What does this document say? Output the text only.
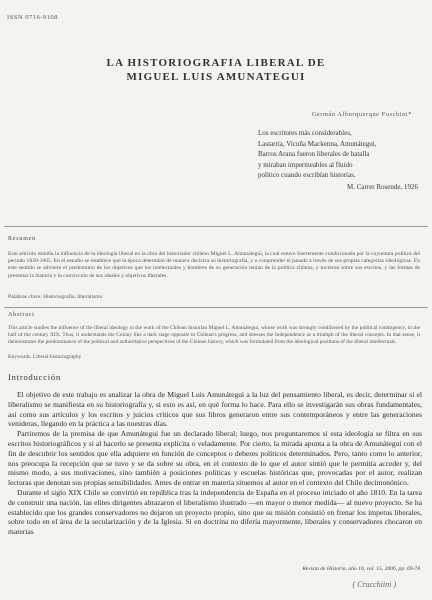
ISSN 0716-9108
LA HISTORIOGRAFIA LIBERAL DE
MIGUEL LUIS AMUNATEGUI
Germán Alburquerque Fuschini*
Los escritores más considerables,
Lastarria, Vicuña Mackenna, Amunátegui,
Barros Arana fueron liberales de batalla
y miraban impermeables al fluido
político cuando escribían historias.
M. Carrer Rosende, 1926
Resumen
Este artículo estudia la influencia de la ideología liberal en la obra del historiador chileno Miguel L. Amunátegui, la cual estuvo fuertemente condicionada por la coyuntura política del periodo 1830-1865. En el estudio se establece que la época determinó de manera decisiva su historiografía, y a comprender el pasado a través de sus propias categorías ideológicas. En este sentido se advierte el predominio de los objetivos que los intelectuales y hombres de su generación tenían de la política chilena, y tuvieron sobre sus escritos, y las formas de presentar la historia y la convicción de sus ideales y objetivos liberales.
Palabras clave: Historiografía, liberalismo
Abstract
Introducción

El objetivo de este trabajo es analizar la obra de Miguel Luis Amunátegui a la luz del pensamiento liberal, es decir, determinar si el liberalismo se manifiesta en su historiografía y, si esto es así, en qué forma lo hace. Para ello se investigarán sus obras fundamentales, así como sus artículos y los escritos y juicios críticos que sus libros generaron entre sus contemporáneos y entre las generaciones venideras, llegando en la práctica a las nuestras días.

Partiremos de la premisa de que Amunátegui fue un declarado liberal; luego, nos preguntaremos si esta ideología se filtra en sus escritos historiográficos y si al hacerlo se presenta explícita o veladamente. Por cierto, la mirada apunta a la obra de Amunátegui con el fin de descubrir los sentidos que ella adquiere en función de conceptos o deberes políticos determinados. Pero, tanto como lo anterior, nos preocupa la recepción que se tuvo y se da sobre su obra, en el contexto de lo que el autor sintió que le permitía acceder y, del mismo modo, a sus motivaciones, sino también a posiciones políticas y escuelas históricas que, provocadas por el autor, realizan lecturas que denotan sus propias sensibilidades. Antes de entrar en materia situemos al autor en el contexto del Chile decimonónico.

Durante el siglo XIX Chile se convirtió en república tras la independencia de España en el proceso iniciado el año 1810. En la tarea de construir una nación, las elites dirigentes abrazaron el liberalismo ilustrado —en mayor o menor medida— al nuevo proyecto. Se ha establecido que los grandes conservadores no dejaron un proyecto propio, sino que su misión consistió en frenar los ímpetus liberales, sobre todo en el área de la secularización y de la Iglesia. Si en doctrina no difería mayormente, liberales y conservadores chocaron en materias

Revista de Historia, año 16, vol. 15, 2006, pp. 69-78
( Crucchiini )
This article studies the influence of the liberal ideology in the work of the Chilean historian Miguel L. Amunátegui, whose work was strongly conditioned by the political contingency, in the half of the century XIX. Thus, it understands the Colony like a dark stage opposite to Chilean's progress, and stresses the Independence as a triumph of the liberal concepts. In that sense, it demonstrates the predominance of the political and authoritative perspectives of the Chilean history, which was formulated from the ideological positions of the liberal intellectuals.
Keywords: Liberal historiography
